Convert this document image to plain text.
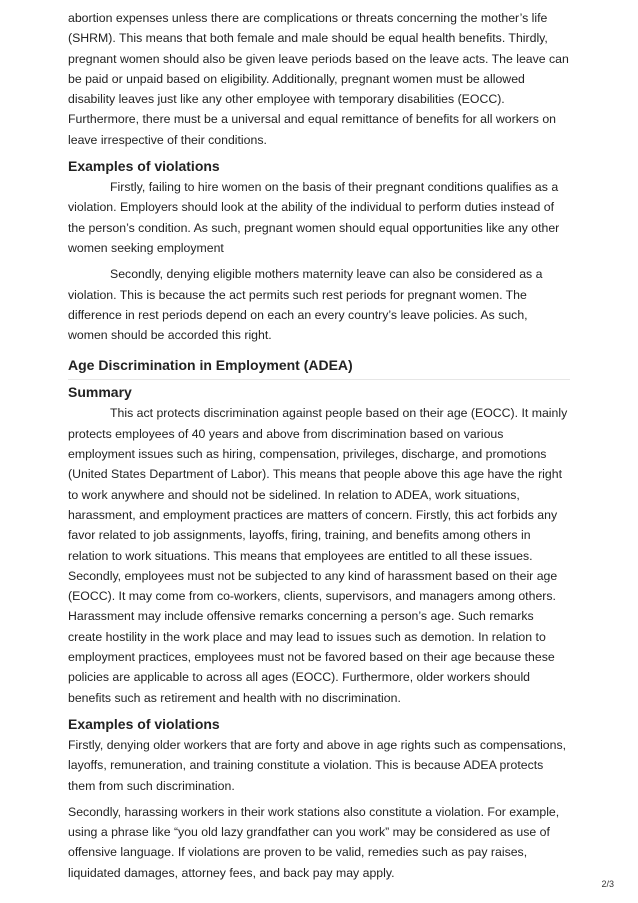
abortion expenses unless there are complications or threats concerning the mother’s life (SHRM). This means that both female and male should be equal health benefits. Thirdly, pregnant women should also be given leave periods based on the leave acts. The leave can be paid or unpaid based on eligibility. Additionally, pregnant women must be allowed disability leaves just like any other employee with temporary disabilities (EOCC). Furthermore, there must be a universal and equal remittance of benefits for all workers on leave irrespective of their conditions.

Examples of violations

Firstly, failing to hire women on the basis of their pregnant conditions qualifies as a violation. Employers should look at the ability of the individual to perform duties instead of the person’s condition. As such, pregnant women should equal opportunities like any other women seeking employment

Secondly, denying eligible mothers maternity leave can also be considered as a violation. This is because the act permits such rest periods for pregnant women. The difference in rest periods depend on each an every country’s leave policies. As such, women should be accorded this right.

Age Discrimination in Employment (ADEA)
Summary

This act protects discrimination against people based on their age (EOCC). It mainly protects employees of 40 years and above from discrimination based on various employment issues such as hiring, compensation, privileges, discharge, and promotions (United States Department of Labor). This means that people above this age have the right to work anywhere and should not be sidelined. In relation to ADEA, work situations, harassment, and employment practices are matters of concern. Firstly, this act forbids any favor related to job assignments, layoffs, firing, training, and benefits among others in relation to work situations. This means that employees are entitled to all these issues. Secondly, employees must not be subjected to any kind of harassment based on their age (EOCC). It may come from co-workers, clients, supervisors, and managers among others. Harassment may include offensive remarks concerning a person’s age. Such remarks create hostility in the work place and may lead to issues such as demotion. In relation to employment practices, employees must not be favored based on their age because these policies are applicable to across all ages (EOCC). Furthermore, older workers should benefits such as retirement and health with no discrimination.

Examples of violations

Firstly, denying older workers that are forty and above in age rights such as compensations, layoffs, remuneration, and training constitute a violation. This is because ADEA protects them from such discrimination.

Secondly, harassing workers in their work stations also constitute a violation. For example, using a phrase like “you old lazy grandfather can you work” may be considered as use of offensive language. If violations are proven to be valid, remedies such as pay raises, liquidated damages, attorney fees, and back pay may apply.

2/3
